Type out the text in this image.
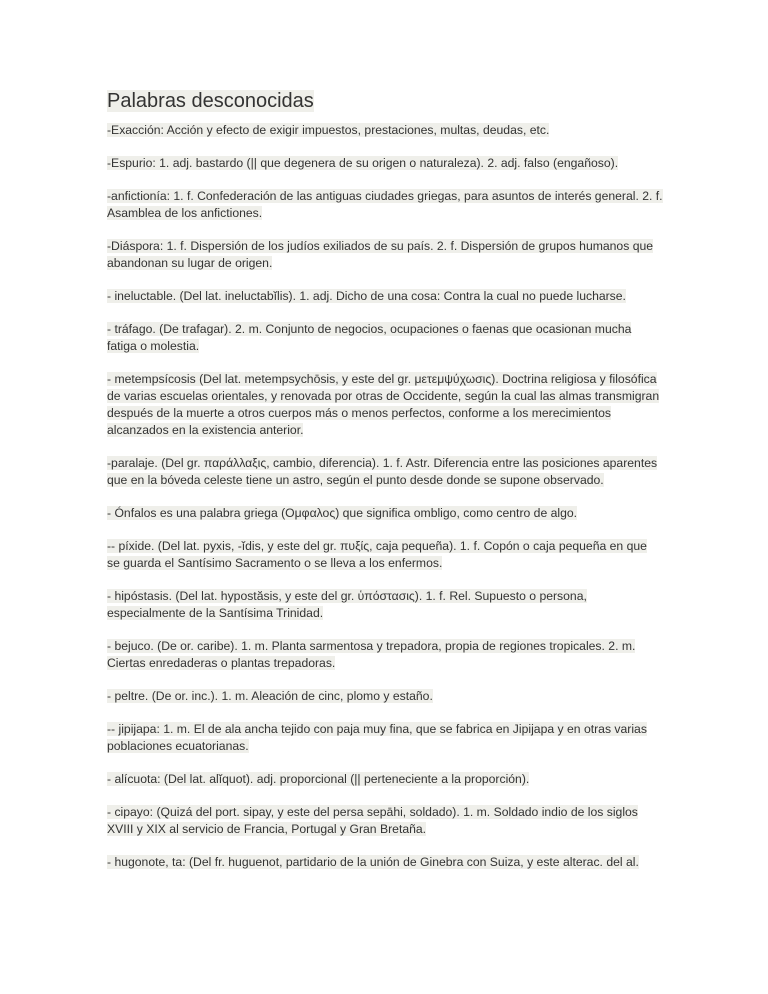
Palabras desconocidas
-Exacción: Acción y efecto de exigir impuestos, prestaciones, multas, deudas, etc.
-Espurio: 1. adj. bastardo (|| que degenera de su origen o naturaleza). 2. adj. falso (engañoso).
-anfictionía: 1. f. Confederación de las antiguas ciudades griegas, para asuntos de interés general. 2. f. Asamblea de los anfictiones.
-Diáspora: 1. f. Dispersión de los judíos exiliados de su país. 2. f. Dispersión de grupos humanos que abandonan su lugar de origen.
- ineluctable. (Del lat. ineluctabĭlis). 1. adj. Dicho de una cosa: Contra la cual no puede lucharse.
- tráfago. (De trafagar). 2. m. Conjunto de negocios, ocupaciones o faenas que ocasionan mucha fatiga o molestia.
- metempsícosis (Del lat. metempsychōsis, y este del gr. μετεμψύχωσις). Doctrina religiosa y filosófica de varias escuelas orientales, y renovada por otras de Occidente, según la cual las almas transmigran después de la muerte a otros cuerpos más o menos perfectos, conforme a los merecimientos alcanzados en la existencia anterior.
-paralaje. (Del gr. παράλλαξις, cambio, diferencia). 1. f. Astr. Diferencia entre las posiciones aparentes que en la bóveda celeste tiene un astro, según el punto desde donde se supone observado.
- Ónfalos es una palabra griega (Ομφαλος) que significa ombligo, como centro de algo.
-- píxide. (Del lat. pyxis, -ĭdis, y este del gr. πυξίς, caja pequeña). 1. f. Copón o caja pequeña en que se guarda el Santísimo Sacramento o se lleva a los enfermos.
- hipóstasis. (Del lat. hypostăsis, y este del gr. ὑπόστασις). 1. f. Rel. Supuesto o persona, especialmente de la Santísima Trinidad.
- bejuco. (De or. caribe). 1. m. Planta sarmentosa y trepadora, propia de regiones tropicales. 2. m. Ciertas enredaderas o plantas trepadoras.
- peltre. (De or. inc.). 1. m. Aleación de cinc, plomo y estaño.
-- jipijapa: 1. m. El de ala ancha tejido con paja muy fina, que se fabrica en Jipijapa y en otras varias poblaciones ecuatorianas.
- alícuota: (Del lat. alĭquot). adj. proporcional (|| perteneciente a la proporción).
- cipayo: (Quizá del port. sipay, y este del persa sepāhi, soldado). 1. m. Soldado indio de los siglos XVIII y XIX al servicio de Francia, Portugal y Gran Bretaña.
- hugonote, ta: (Del fr. huguenot, partidario de la unión de Ginebra con Suiza, y este alterac. del al.
